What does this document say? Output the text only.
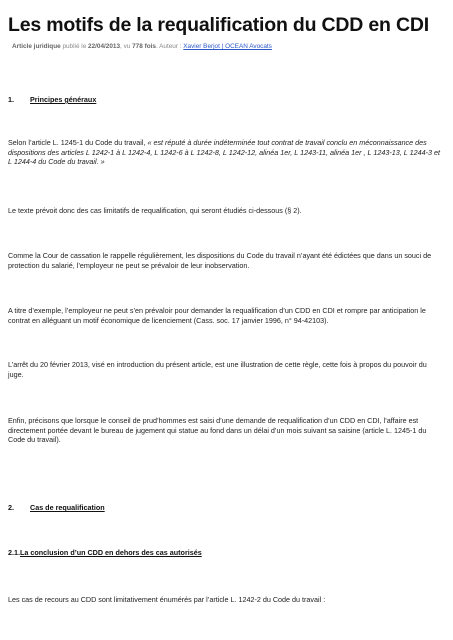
Les motifs de la requalification du CDD en CDI
Article juridique publié le 22/04/2013, vu 778 fois. Auteur : Xavier Berjot | OCEAN Avocats
1. Principes généraux
Selon l’article L. 1245-1 du Code du travail, « est réputé à durée indéterminée tout contrat de travail conclu en méconnaissance des dispositions des articles L 1242-1 à L 1242-4, L 1242-6 à L 1242-8, L 1242-12, alinéa 1er, L 1243-11, alinéa 1er , L 1243-13, L 1244-3 et L 1244-4 du Code du travail. »
Le texte prévoit donc des cas limitatifs de requalification, qui seront étudiés ci-dessous (§ 2).
Comme la Cour de cassation le rappelle régulièrement, les dispositions du Code du travail n’ayant été édictées que dans un souci de protection du salarié, l’employeur ne peut se prévaloir de leur inobservation.
A titre d’exemple, l’employeur ne peut s’en prévaloir pour demander la requalification d’un CDD en CDI et rompre par anticipation le contrat en alléguant un motif économique de licenciement (Cass. soc. 17 janvier 1996, n° 94-42103).
L’arrêt du 20 février 2013, visé en introduction du présent article, est une illustration de cette règle, cette fois à propos du pouvoir du juge.
Enfin, précisons que lorsque le conseil de prud’hommes est saisi d’une demande de requalification d’un CDD en CDI, l’affaire est directement portée devant le bureau de jugement qui statue au fond dans un délai d’un mois suivant sa saisine (article L. 1245-1 du Code du travail).
2. Cas de requalification
2.1.La conclusion d’un CDD en dehors des cas autorisés
Les cas de recours au CDD sont limitativement énumérés par l’article L. 1242-2 du Code du travail :
